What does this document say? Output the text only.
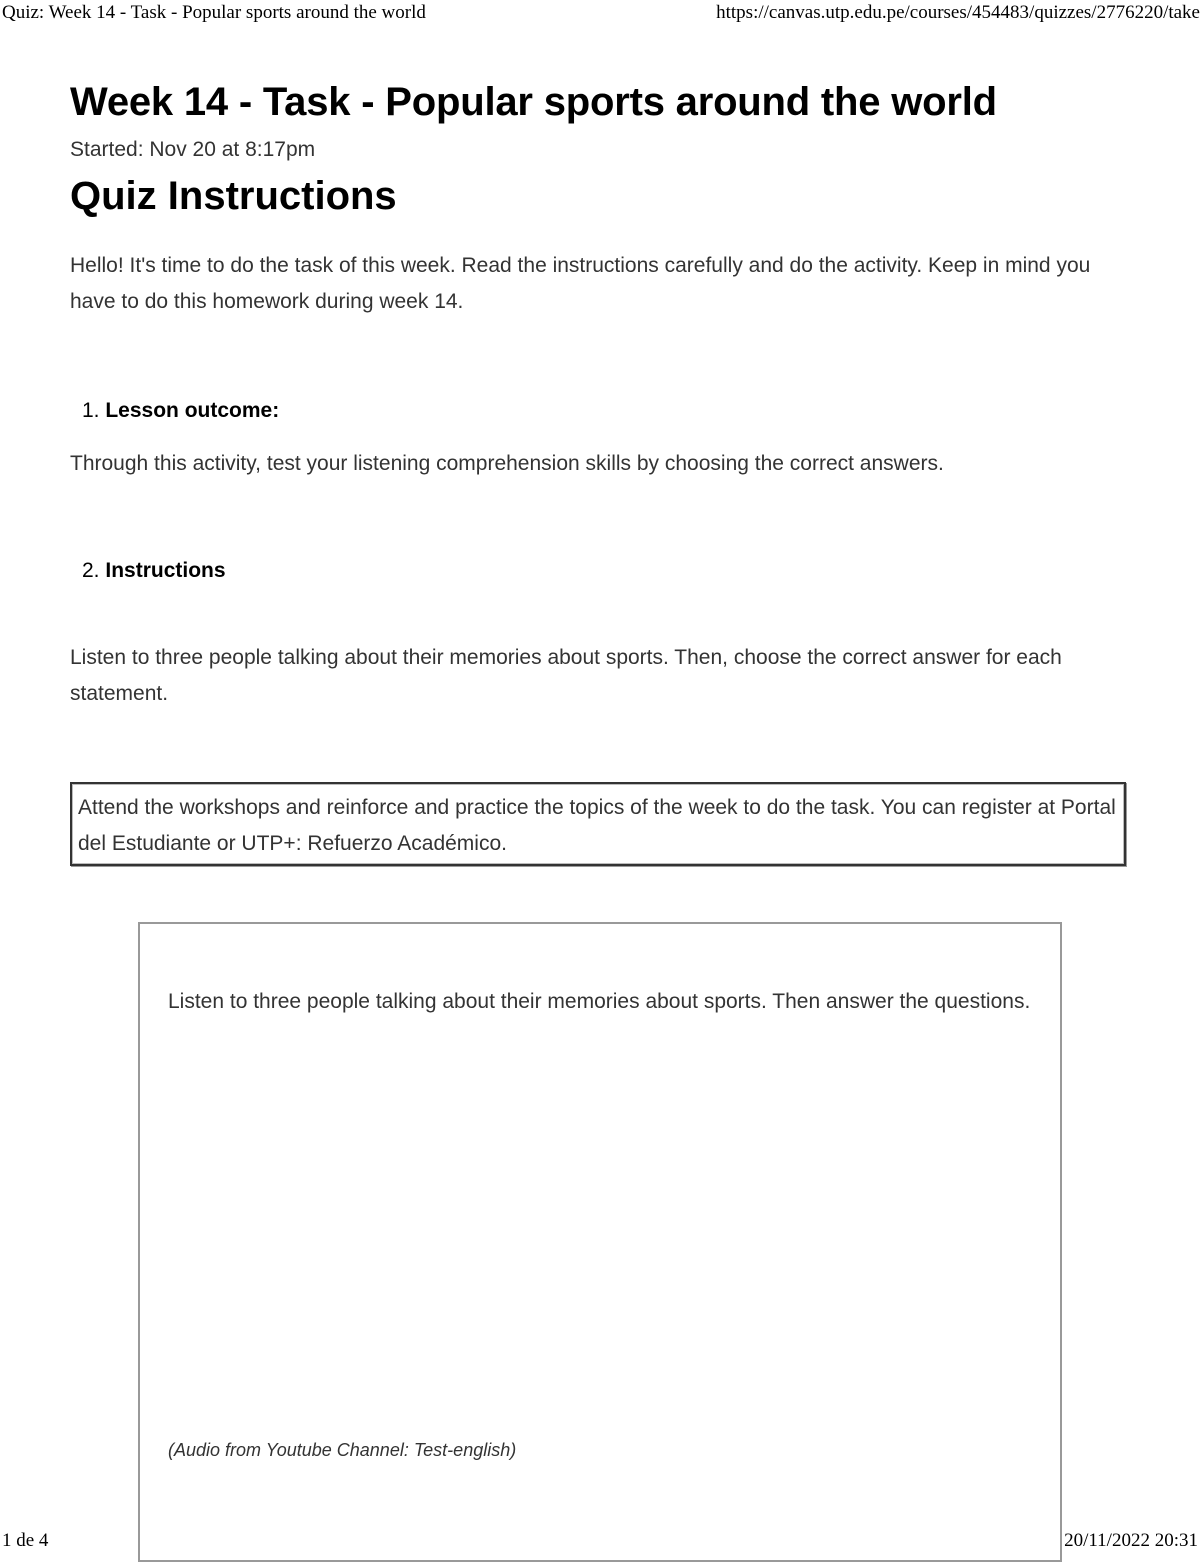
Quiz: Week 14 - Task - Popular sports around the world	https://canvas.utp.edu.pe/courses/454483/quizzes/2776220/take
Week 14 - Task - Popular sports around the world
Started: Nov 20 at 8:17pm
Quiz Instructions
Hello! It's time to do the task of this week. Read the instructions carefully and do the activity. Keep in mind you have to do this homework during week 14.
1. Lesson outcome:
Through this activity, test your listening comprehension skills by choosing the correct answers.
2. Instructions
Listen to three people talking about their memories about sports. Then, choose the correct answer for each statement.
Attend the workshops and reinforce and practice the topics of the week to do the task. You can register at Portal del Estudiante or UTP+: Refuerzo Académico.
Listen to three people talking about their memories about sports. Then answer the questions.
(Audio from Youtube Channel: Test-english)
1 de 4	20/11/2022 20:31
